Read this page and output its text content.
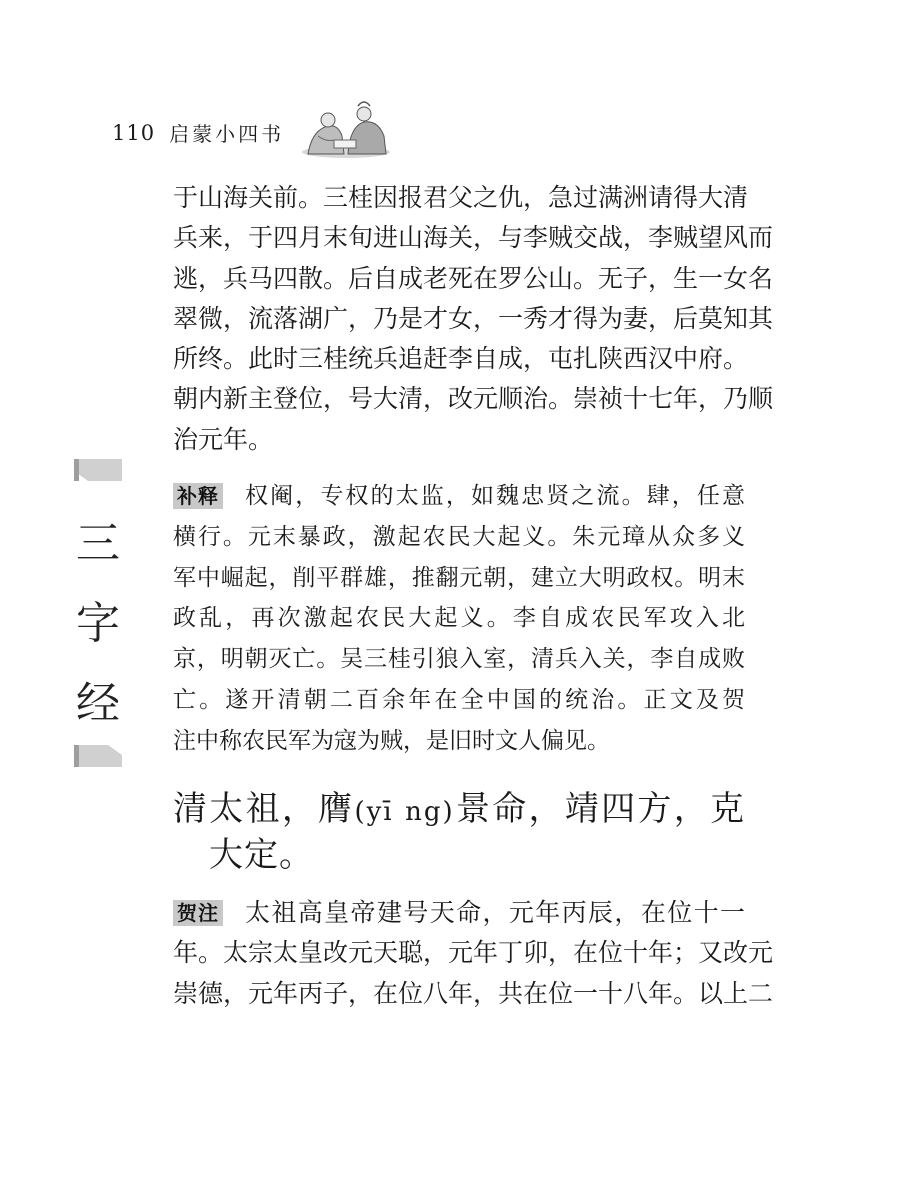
110 启蒙小四书
于山海关前。三桂因报君父之仇，急过满洲请得大清
兵来，于四月末旬进山海关，与李贼交战，李贼望风而
逃，兵马四散。后自成老死在罗公山。无子，生一女名
翠微，流落湖广，乃是才女，一秀才得为妻，后莫知其
所终。此时三桂统兵追赶李自成，屯扎陕西汉中府。
朝内新主登位，号大清，改元顺治。崇祯十七年，乃顺
治元年。
补释 权阉，专权的太监，如魏忠贤之流。肆，任意
横行。元末暴政，激起农民大起义。朱元璋从众多义
军中崛起，削平群雄，推翻元朝，建立大明政权。明末
政乱，再次激起农民大起义。李自成农民军攻入北
京，明朝灭亡。吴三桂引狼入室，清兵入关，李自成败
亡。遂开清朝二百余年在全中国的统治。正文及贺
注中称农民军为寇为贼，是旧时文人偏见。
清太祖，膺(yī ng)景命，靖四方，克
大定。
贺注 太祖高皇帝建号天命，元年丙辰，在位十一
年。太宗太皇改元天聪，元年丁卯，在位十年；又改元
崇德，元年丙子，在位八年，共在位一十八年。以上二
三
字
经
